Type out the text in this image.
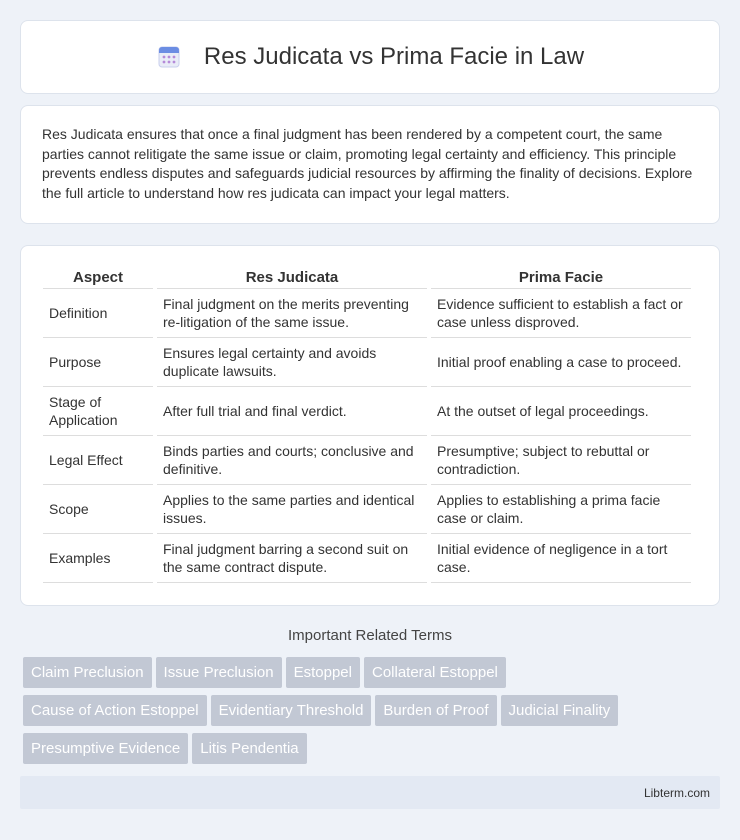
Res Judicata vs Prima Facie in Law

Res Judicata ensures that once a final judgment has been rendered by a competent court, the same parties cannot relitigate the same issue or claim, promoting legal certainty and efficiency. This principle prevents endless disputes and safeguards judicial resources by affirming the finality of decisions. Explore the full article to understand how res judicata can impact your legal matters.

Aspect	Res Judicata	Prima Facie
Definition	Final judgment on the merits preventing re-litigation of the same issue.	Evidence sufficient to establish a fact or case unless disproved.
Purpose	Ensures legal certainty and avoids duplicate lawsuits.	Initial proof enabling a case to proceed.
Stage of Application	After full trial and final verdict.	At the outset of legal proceedings.
Legal Effect	Binds parties and courts; conclusive and definitive.	Presumptive; subject to rebuttal or contradiction.
Scope	Applies to the same parties and identical issues.	Applies to establishing a prima facie case or claim.
Examples	Final judgment barring a second suit on the same contract dispute.	Initial evidence of negligence in a tort case.
Important Related Terms
Claim Preclusion Issue Preclusion Estoppel Collateral Estoppel
Cause of Action Estoppel Evidentiary Threshold Burden of Proof Judicial Finality
Presumptive Evidence Litis Pendentia
Libterm.com
